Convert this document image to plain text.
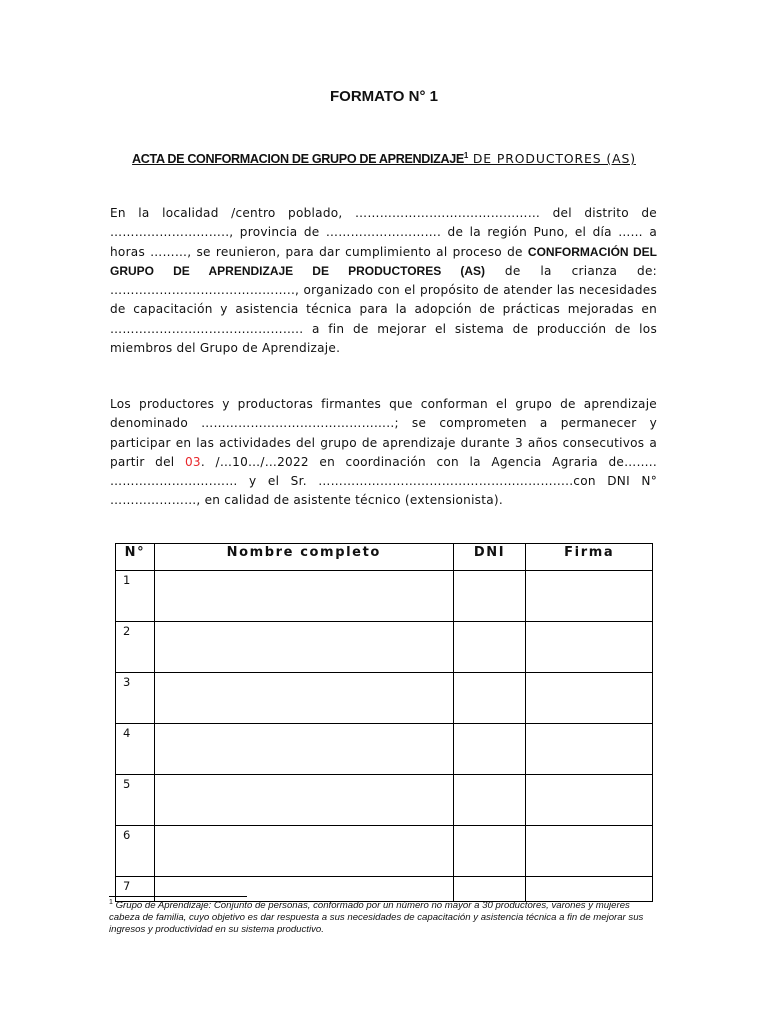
FORMATO N° 1
ACTA DE CONFORMACION DE GRUPO DE APRENDIZAJE$^1$ DE PRODUCTORES (AS)
En la localidad /centro poblado, ………………….…..……………… del distrito de ……………………….., provincia de ………………………. de la región Puno, el día …… a horas ………, se reunieron, para dar cumplimiento al proceso de CONFORMACIÓN DEL GRUPO DE APRENDIZAJE DE PRODUCTORES (AS) de la crianza de: ………………....………………….., organizado con el propósito de atender las necesidades de capacitación y asistencia técnica para la adopción de prácticas mejoradas en ……………………………………….. a fin de mejorar el sistema de producción de los miembros del Grupo de Aprendizaje.
Los productores y productoras firmantes que conforman el grupo de aprendizaje denominado ………………………………………..; se comprometen a permanecer y participar en las actividades del grupo de aprendizaje durante 3 años consecutivos a partir del 03. /…10…/…2022 en coordinación con la Agencia Agraria de…….. …………………….…… y el Sr. ………………………………………………….....con DNI N° …………………, en calidad de asistente técnico (extensionista).
N°	Nombre completo	DNI	Firma
1			
2			
3			
4			
5			
6			
7			
$^1$ Grupo de Aprendizaje: Conjunto de personas, conformado por un número no mayor a 30 productores, varones y mujeres cabeza de familia, cuyo objetivo es dar respuesta a sus necesidades de capacitación y asistencia técnica a fin de mejorar sus ingresos y productividad en su sistema productivo.
